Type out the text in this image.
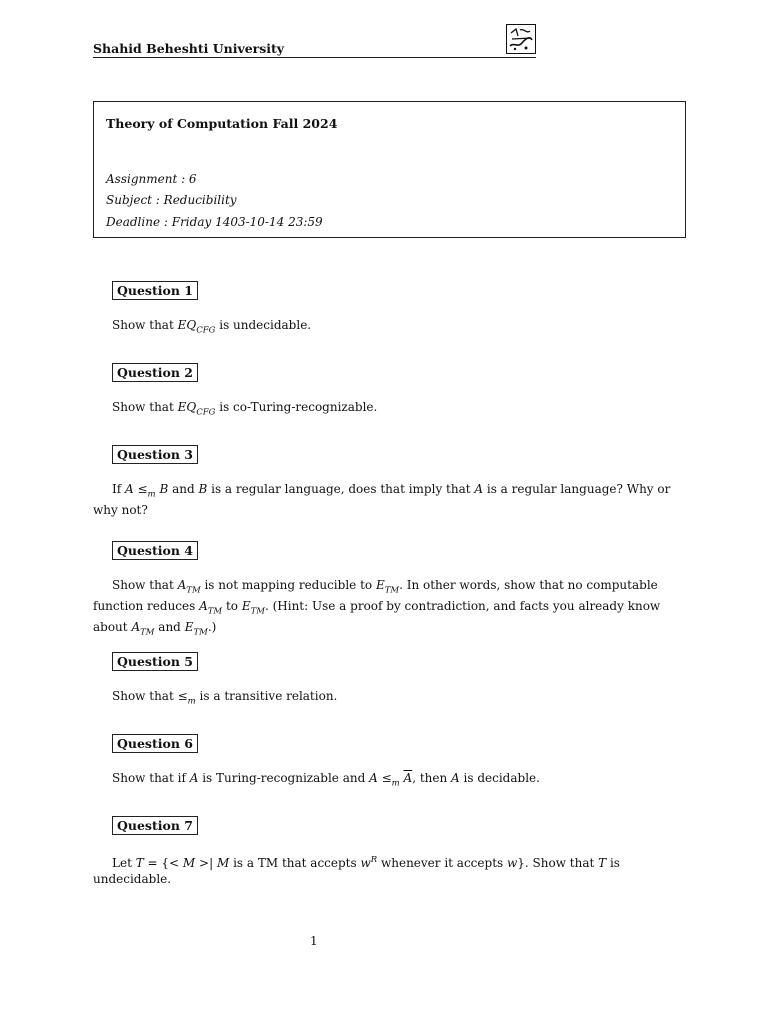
Shahid Beheshti University
Theory of Computation Fall 2024
Assignment : 6
Subject : Reducibility
Deadline : Friday 1403-10-14 23:59
Question 1
Show that $EQ_{CFG}$ is undecidable.
Question 2
Show that $EQ_{CFG}$ is co-Turing-recognizable.
Question 3
If $A \le_m$ B and B is a regular language, does that imply that A is a regular language? Why or why not?
Question 4
Show that $A_{TM}$ is not mapping reducible to $E_{TM}$. In other words, show that no computable function reduces $A_{TM}$ to $E_{TM}$. (Hint: Use a proof by contradiction, and facts you already know about $A_{TM}$ and $E_{TM}$.)
Question 5
Show that $\le_m$ is a transitive relation.
Question 6
Show that if A is Turing-recognizable and $A \le_m$ $\overline{A}$, then A is decidable.
Question 7
Let T = {< M >| M is a TM that accepts $w^R$ whenever it accepts w}. Show that T is undecidable.
1
